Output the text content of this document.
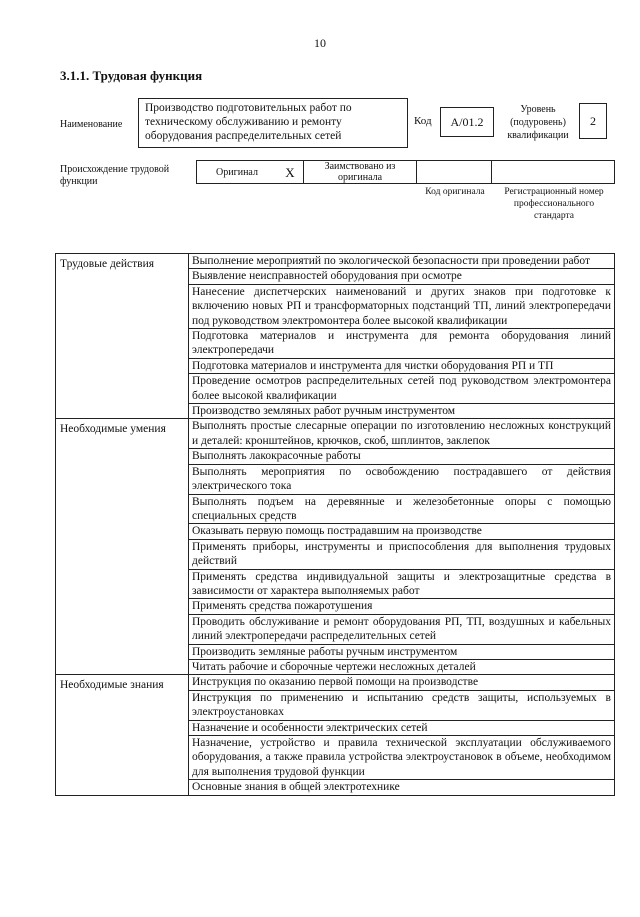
10
3.1.1. Трудовая функция
Наименование
Производство подготовительных работ по техническому обслуживанию и ремонту оборудования распределительных сетей
Код	А/01.2
Уровень (подуровень) квалификации
2
Происхождение трудовой функции
Оригинал	X	Заимствовано из оригинала		
Код оригинала	Регистрационный номер профессионального стандарта
Трудовые действия	Выполнение мероприятий по экологической безопасности при проведении работ
	Выявление неисправностей оборудования при осмотре
	Нанесение диспетчерских наименований и других знаков при подготовке к включению новых РП и трансформаторных подстанций ТП, линий электропередачи под руководством электромонтера более высокой квалификации
	Подготовка материалов и инструмента для ремонта оборудования линий электропередачи
	Подготовка материалов и инструмента для чистки оборудования РП и ТП
	Проведение осмотров распределительных сетей под руководством электромонтера более высокой квалификации
	Производство земляных работ ручным инструментом
Необходимые умения	Выполнять простые слесарные операции по изготовлению несложных конструкций и деталей: кронштейнов, крючков, скоб, шплинтов, заклепок
	Выполнять лакокрасочные работы
	Выполнять мероприятия по освобождению пострадавшего от действия электрического тока
	Выполнять подъем на деревянные и железобетонные опоры с помощью специальных средств
	Оказывать первую помощь пострадавшим на производстве
	Применять приборы, инструменты и приспособления для выполнения трудовых действий
	Применять средства индивидуальной защиты и электрозащитные средства в зависимости от характера выполняемых работ
	Применять средства пожаротушения
	Проводить обслуживание и ремонт оборудования РП, ТП, воздушных и кабельных линий электропередачи распределительных сетей
	Производить земляные работы ручным инструментом
	Читать рабочие и сборочные чертежи несложных деталей
Необходимые знания	Инструкция по оказанию первой помощи на производстве
	Инструкция по применению и испытанию средств защиты, используемых в электроустановках
	Назначение и особенности электрических сетей
	Назначение, устройство и правила технической эксплуатации обслуживаемого оборудования, а также правила устройства электроустановок в объеме, необходимом для выполнения трудовой функции
	Основные знания в общей электротехнике
